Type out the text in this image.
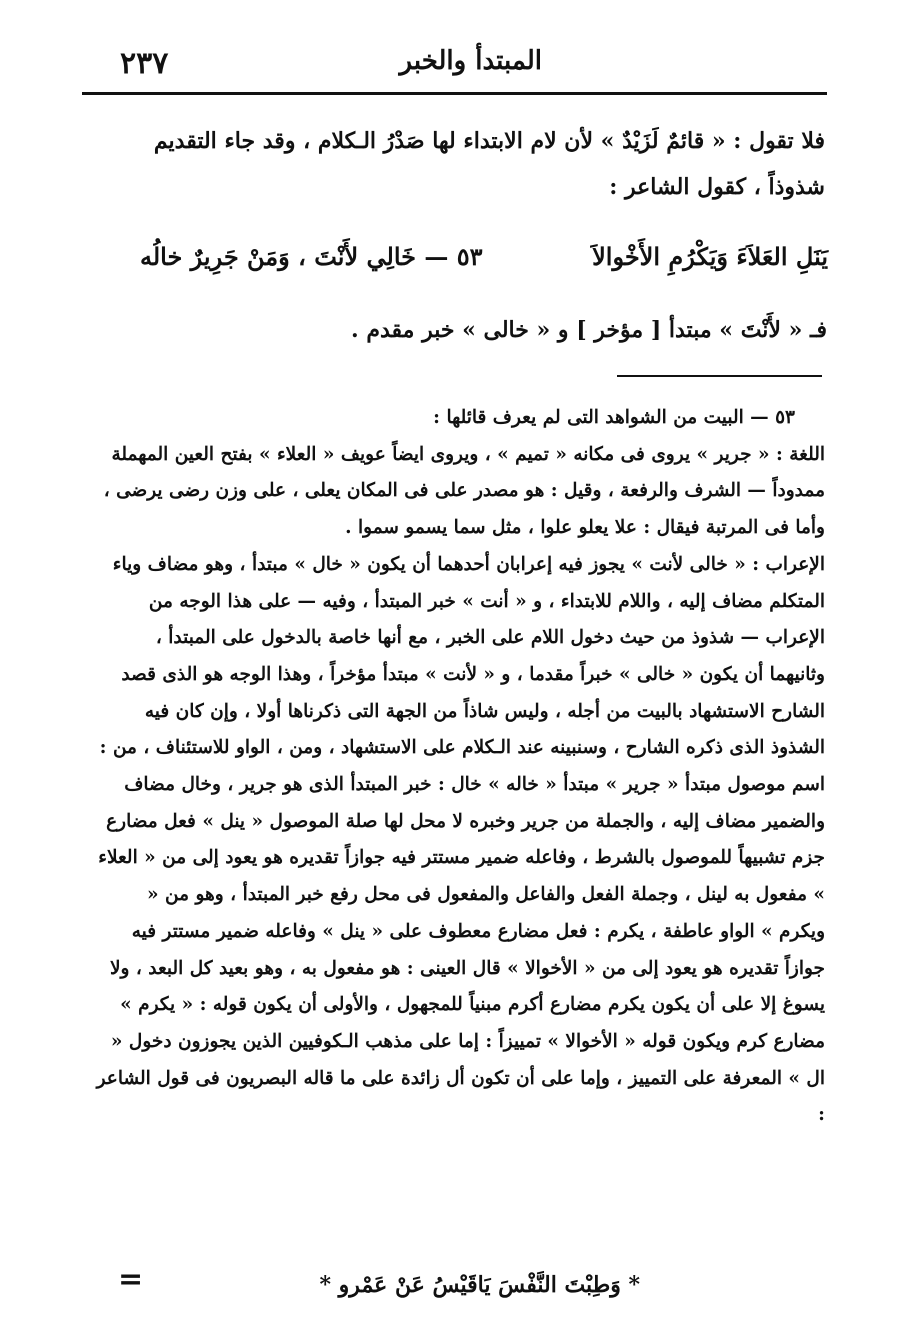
٢٣٧	المبتدأ والخبر
فلا تقول : « قائمٌ لَزَيْدٌ » لأن لام الابتداء لها صَدْرُ الـكلام ، وقد جاء التقديم شذوذاً ، كقول الشاعر :
٥٣ — خَالِي لأَنْتَ ، وَمَنْ جَرِيرٌ خالُه	يَنَلِ العَلاَءَ وَيَكْرُمِ الأَخْوالاَ
فـ « لأَنْتَ » مبتدأ [ مؤخر ] و « خالى » خبر مقدم .

٥٣ — البيت من الشواهد التى لم يعرف قائلها :

اللغة : « جرير » يروى فى مكانه « تميم » ، ويروى ايضاً عويف « العلاء » بفتح العين المهملة ممدوداً — الشرف والرفعة ، وقيل : هو مصدر على فى المكان يعلى ، على وزن رضى يرضى ، وأما فى المرتبة فيقال : علا يعلو علوا ، مثل سما يسمو سموا .

الإعراب : « خالى لأنت » يجوز فيه إعرابان أحدهما أن يكون « خال » مبتدأ ، وهو مضاف وياء المتكلم مضاف إليه ، واللام للابتداء ، و « أنت » خبر المبتدأ ، وفيه — على هذا الوجه من الإعراب — شذوذ من حيث دخول اللام على الخبر ، مع أنها خاصة بالدخول على المبتدأ ، وثانيهما أن يكون « خالى » خبراً مقدما ، و « لأنت » مبتدأ مؤخراً ، وهذا الوجه هو الذى قصد الشارح الاستشهاد بالبيت من أجله ، وليس شاذاً من الجهة التى ذكرناها أولا ، وإن كان فيه الشذوذ الذى ذكره الشارح ، وسنبينه عند الـكلام على الاستشهاد ، ومن ، الواو للاستئناف ، من : اسم موصول مبتدأ « جرير » مبتدأ « خاله » خال : خبر المبتدأ الذى هو جرير ، وخال مضاف والضمير مضاف إليه ، والجملة من جرير وخبره لا محل لها صلة الموصول « ينل » فعل مضارع جزم تشبيهاً للموصول بالشرط ، وفاعله ضمير مستتر فيه جوازاً تقديره هو يعود إلى من « العلاء » مفعول به لينل ، وجملة الفعل والفاعل والمفعول فى محل رفع خبر المبتدأ ، وهو من « ويكرم » الواو عاطفة ، يكرم : فعل مضارع معطوف على « ينل » وفاعله ضمير مستتر فيه جوازاً تقديره هو يعود إلى من « الأخوالا » قال العينى : هو مفعول به ، وهو بعيد كل البعد ، ولا يسوغ إلا على أن يكون يكرم مضارع أكرم مبنياً للمجهول ، والأولى أن يكون قوله : « يكرم » مضارع كرم ويكون قوله « الأخوالا » تمييزاً : إما على مذهب الـكوفيين الذين يجوزون دخول « ال » المعرفة على التمييز ، وإما على أن تكون أل زائدة على ما قاله البصريون فى قول الشاعر :

* وَطِبْتَ النَّفْسَ يَاقَيْسُ عَنْ عَمْرو *
=
